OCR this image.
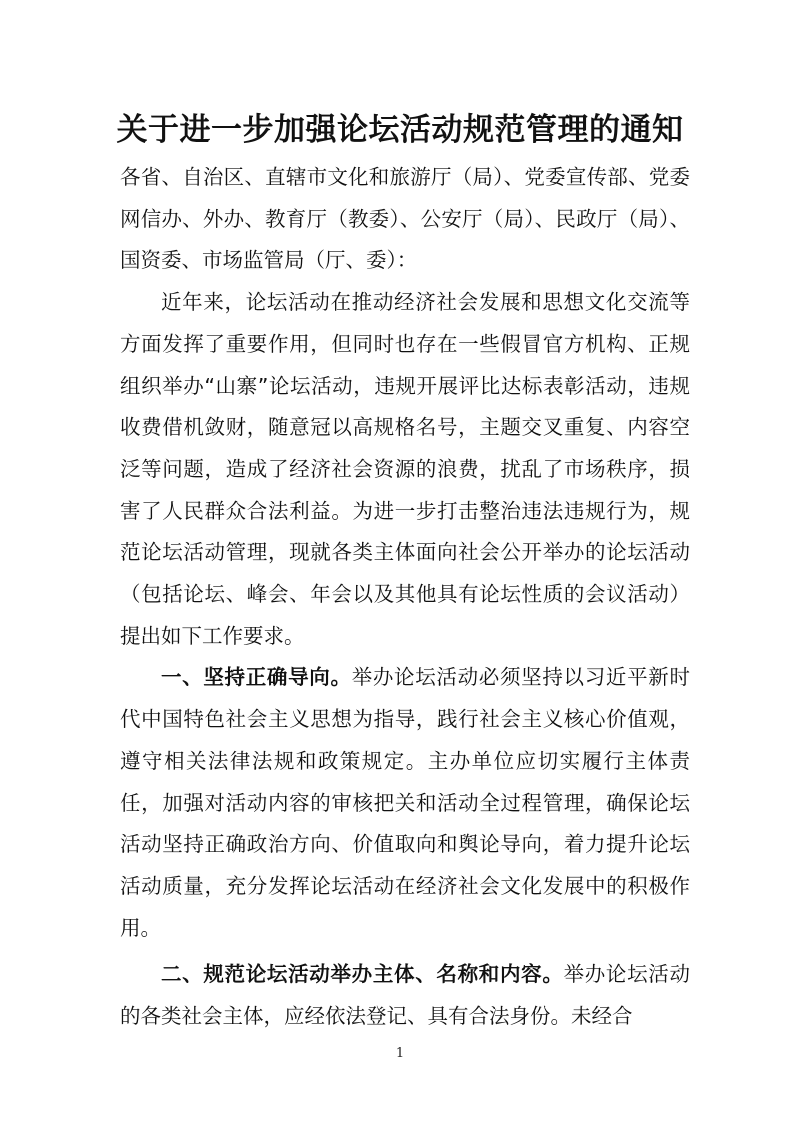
关于进一步加强论坛活动规范管理的通知

各省、自治区、直辖市文化和旅游厅（局）、党委宣传部、党委网信办、外办、教育厅（教委）、公安厅（局）、民政厅（局）、国资委、市场监管局（厅、委）：

近年来，论坛活动在推动经济社会发展和思想文化交流等方面发挥了重要作用，但同时也存在一些假冒官方机构、正规组织举办“山寨”论坛活动，违规开展评比达标表彰活动，违规收费借机敛财，随意冠以高规格名号，主题交叉重复、内容空泛等问题，造成了经济社会资源的浪费，扰乱了市场秩序，损害了人民群众合法利益。为进一步打击整治违法违规行为，规范论坛活动管理，现就各类主体面向社会公开举办的论坛活动（包括论坛、峰会、年会以及其他具有论坛性质的会议活动）提出如下工作要求。

一、坚持正确导向。举办论坛活动必须坚持以习近平新时代中国特色社会主义思想为指导，践行社会主义核心价值观，遵守相关法律法规和政策规定。主办单位应切实履行主体责任，加强对活动内容的审核把关和活动全过程管理，确保论坛活动坚持正确政治方向、价值取向和舆论导向，着力提升论坛活动质量，充分发挥论坛活动在经济社会文化发展中的积极作用。

二、规范论坛活动举办主体、名称和内容。举办论坛活动的各类社会主体，应经依法登记、具有合法身份。未经合

1
